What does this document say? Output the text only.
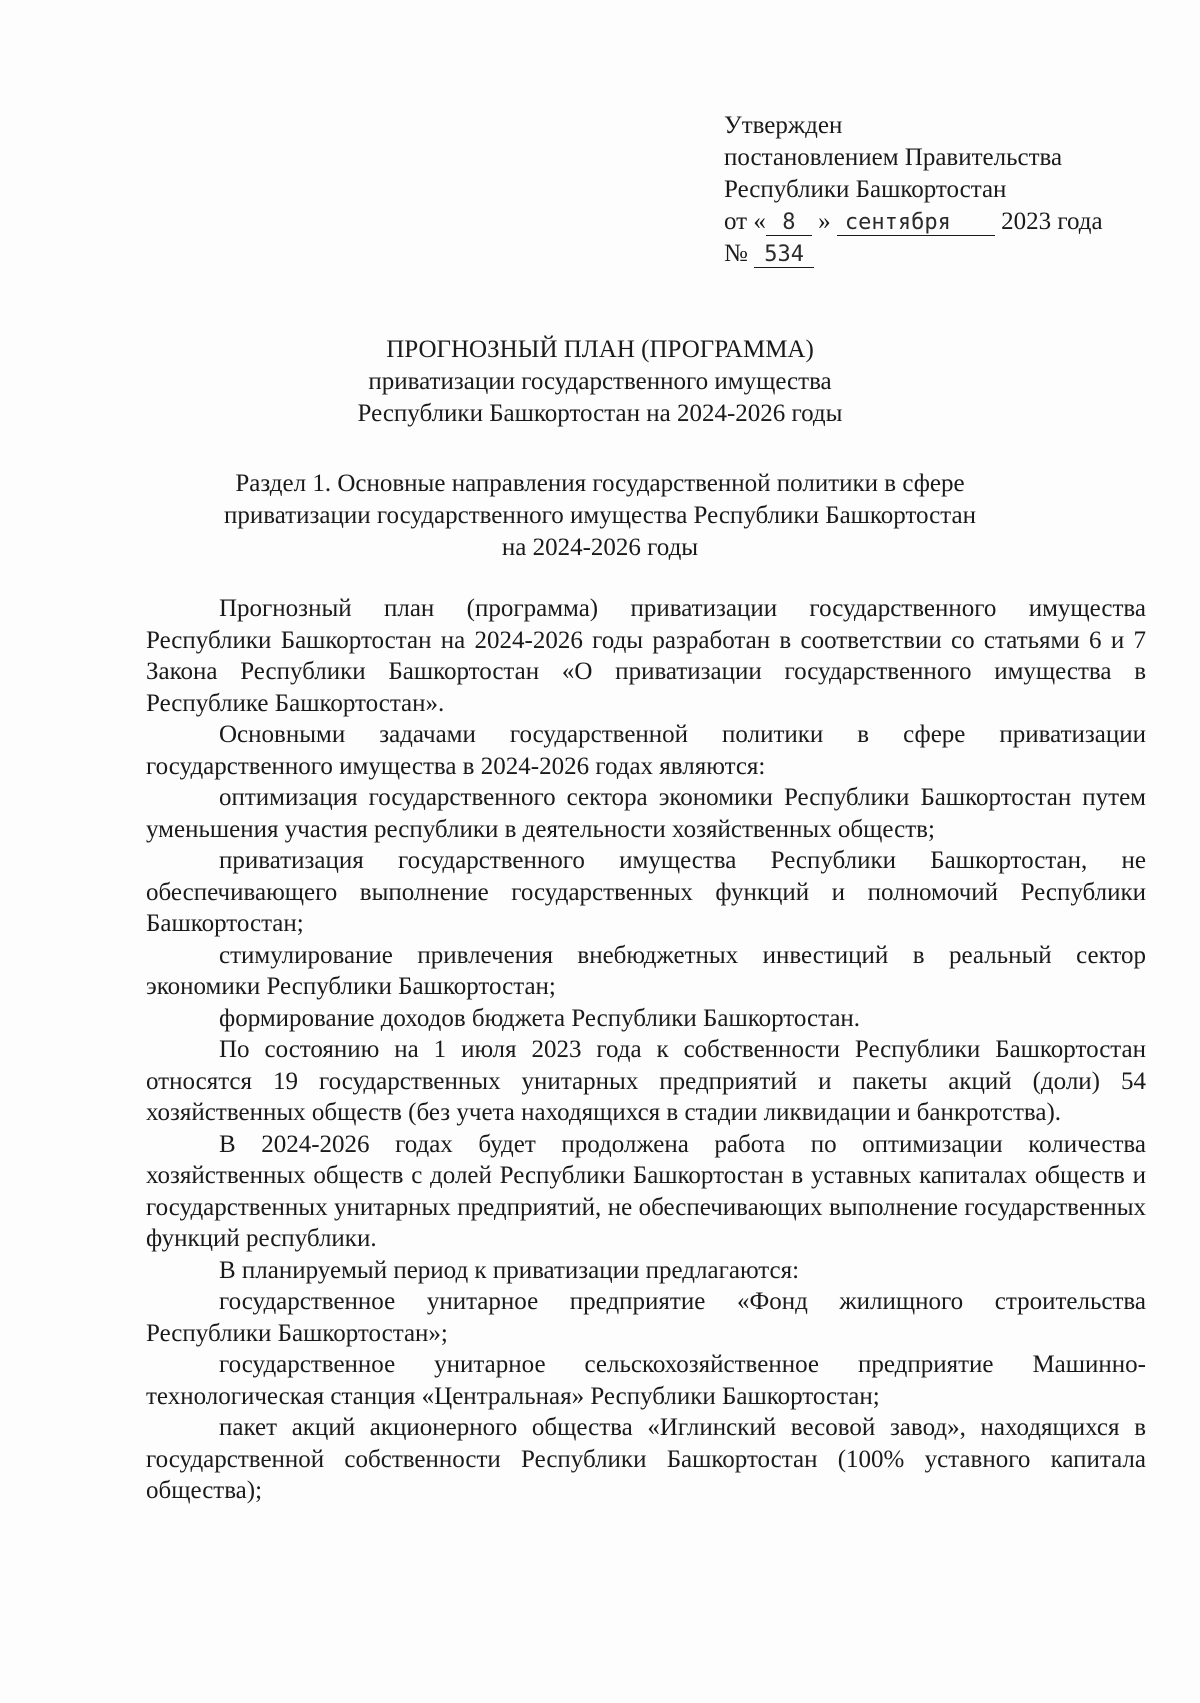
Утвержден
постановлением Правительства
Республики Башкортостан
от « 8 » сентября 2023 года
№ 534
ПРОГНОЗНЫЙ ПЛАН (ПРОГРАММА)
приватизации государственного имущества
Республики Башкортостан на 2024-2026 годы
Раздел 1. Основные направления государственной политики в сфере
приватизации государственного имущества Республики Башкортостан
на 2024-2026 годы

Прогнозный план (программа) приватизации государственного имущества Республики Башкортостан на 2024-2026 годы разработан в соответствии со статьями 6 и 7 Закона Республики Башкортостан «О приватизации государственного имущества в Республике Башкортостан».

Основными задачами государственной политики в сфере приватизации государственного имущества в 2024-2026 годах являются:

оптимизация государственного сектора экономики Республики Башкортостан путем уменьшения участия республики в деятельности хозяйственных обществ;

приватизация государственного имущества Республики Башкортостан, не обеспечивающего выполнение государственных функций и полномочий Республики Башкортостан;

стимулирование привлечения внебюджетных инвестиций в реальный сектор экономики Республики Башкортостан;

формирование доходов бюджета Республики Башкортостан.

По состоянию на 1 июля 2023 года к собственности Республики Башкортостан относятся 19 государственных унитарных предприятий и пакеты акций (доли) 54 хозяйственных обществ (без учета находящихся в стадии ликвидации и банкротства).

В 2024-2026 годах будет продолжена работа по оптимизации количества хозяйственных обществ с долей Республики Башкортостан в уставных капиталах обществ и государственных унитарных предприятий, не обеспечивающих выполнение государственных функций республики.

В планируемый период к приватизации предлагаются:

государственное унитарное предприятие «Фонд жилищного строительства Республики Башкортостан»;

государственное унитарное сельскохозяйственное предприятие Машинно-технологическая станция «Центральная» Республики Башкортостан;

пакет акций акционерного общества «Иглинский весовой завод», находящихся в государственной собственности Республики Башкортостан (100% уставного капитала общества);
